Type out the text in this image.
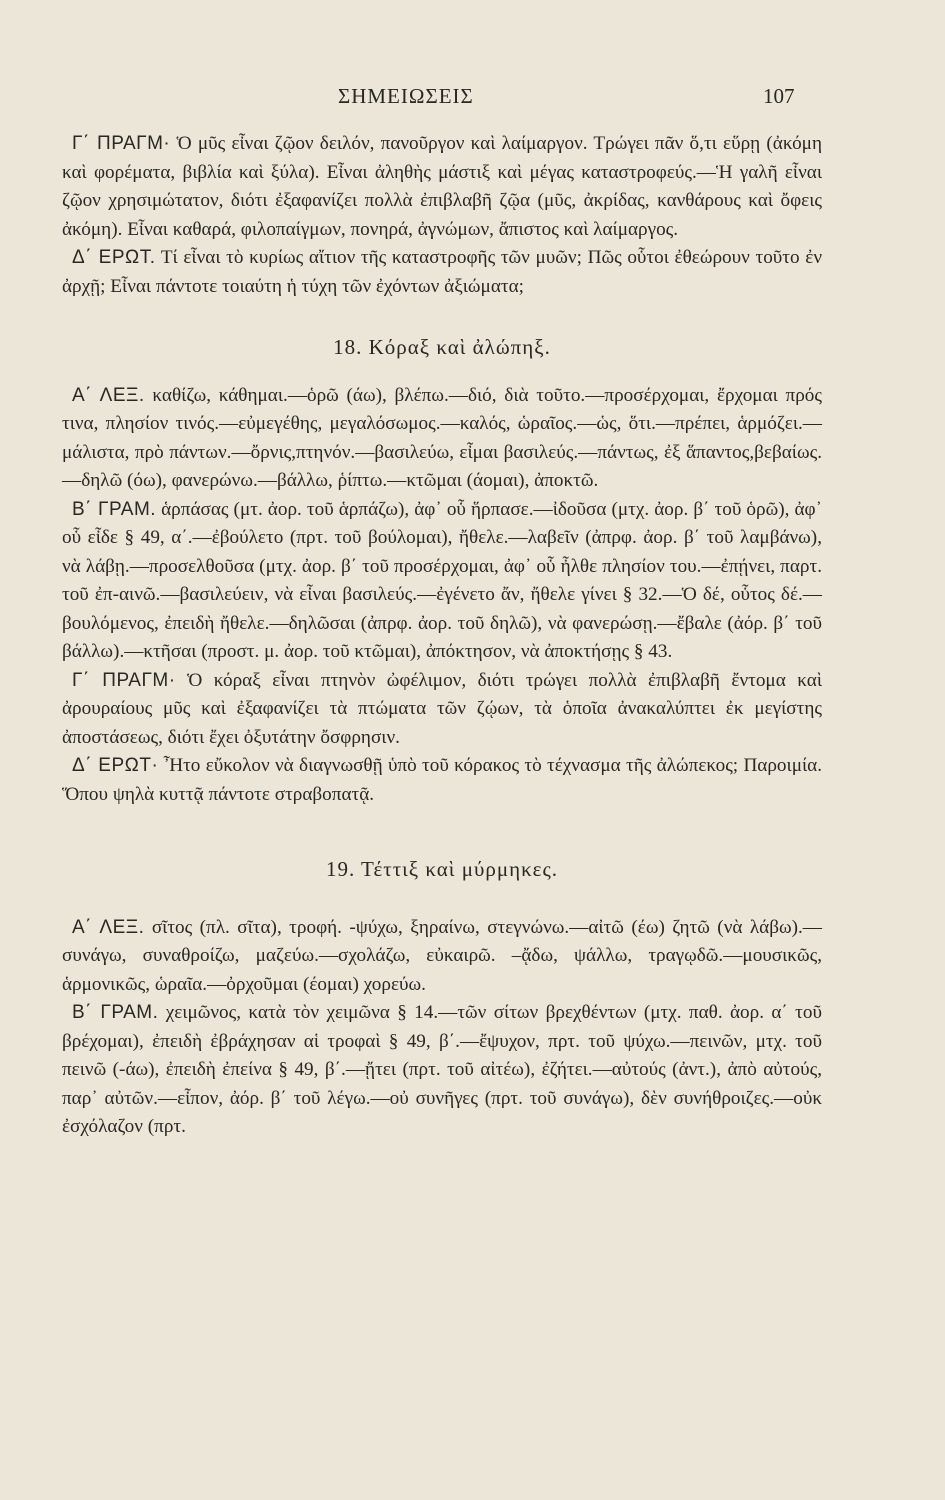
ΣΗΜΕΙΩΣΕΙΣ	107

Γ΄ ΠΡΑΓΜ· Ὁ μῦς εἶναι ζῷον δειλόν, πανοῦργον καὶ λαίμαργον. Τρώγει πᾶν ὅ,τι εὕρῃ (ἀκόμη καὶ φορέματα, βιβλία καὶ ξύλα). Εἶναι ἀληθὴς μάστιξ καὶ μέγας καταστροφεύς.—Ἡ γαλῆ εἶναι ζῷον χρησιμώτατον, διότι ἐξαφανίζει πολλὰ ἐπιβλαβῆ ζῷα (μῦς, ἀκρίδας, κανθάρους καὶ ὄφεις ἀκόμη). Εἶναι καθαρά, φιλοπαίγμων, πονηρά, ἀγνώμων, ἄπιστος καὶ λαίμαργος.

Δ΄ ΕΡΩΤ. Τί εἶναι τὸ κυρίως αἴτιον τῆς καταστροφῆς τῶν μυῶν; Πῶς οὗτοι ἐθεώρουν τοῦτο ἐν ἀρχῇ; Εἶναι πάντοτε τοιαύτη ἡ τύχη τῶν ἐχόντων ἀξιώματα;

18. Κόραξ καὶ ἀλώπηξ.

Α΄ ΛΕΞ. καθίζω, κάθημαι.—ὁρῶ (άω), βλέπω.—διό, διὰ τοῦτο.—προσέρχομαι, ἔρχομαι πρός τινα, πλησίον τινός.—εὐμεγέθης, μεγαλόσωμος.—καλός, ὡραῖος.—ὡς, ὅτι.—πρέπει, ἁρμόζει.—μάλιστα, πρὸ πάντων.—ὄρνις,πτηνόν.—βασιλεύω, εἶμαι βασιλεύς.—πάντως, ἐξ ἅπαντος,βεβαίως.—δηλῶ (όω), φανερώνω.—βάλλω, ῥίπτω.—κτῶμαι (άομαι), ἀποκτῶ.

Β΄ ΓΡΑΜ. ἁρπάσας (μτ. ἀορ. τοῦ ἁρπάζω), ἀφ᾽ οὗ ἥρπασε.—ἰδοῦσα (μτχ. ἀορ. β΄ τοῦ ὁρῶ), ἀφ᾽ οὗ εἶδε § 49, α΄.—ἐβούλετο (πρτ. τοῦ βούλομαι), ἤθελε.—λαβεῖν (ἀπρφ. ἀορ. β΄ τοῦ λαμβάνω), νὰ λάβῃ.—προσελθοῦσα (μτχ. ἀορ. β΄ τοῦ προσέρχομαι, ἀφ᾽ οὗ ἦλθε πλησίον του.—ἐπῄνει, παρτ. τοῦ ἐπ-αινῶ.—βασιλεύειν, νὰ εἶναι βασιλεύς.—ἐγένετο ἄν, ἤθελε γίνει § 32.—Ὁ δέ, οὗτος δέ.—βουλόμενος, ἐπειδὴ ἤθελε.—δηλῶσαι (ἀπρφ. ἀορ. τοῦ δηλῶ), νὰ φανερώσῃ.—ἔβαλε (ἀόρ. β΄ τοῦ βάλλω).—κτῆσαι (προστ. μ. ἀορ. τοῦ κτῶμαι), ἀπόκτησον, νὰ ἀποκτήσῃς § 43.

Γ΄ ΠΡΑΓΜ· Ὁ κόραξ εἶναι πτηνὸν ὠφέλιμον, διότι τρώγει πολλὰ ἐπιβλαβῆ ἔντομα καὶ ἀρουραίους μῦς καὶ ἐξαφανίζει τὰ πτώματα τῶν ζῴων, τὰ ὁποῖα ἀνακαλύπτει ἐκ μεγίστης ἀποστάσεως, διότι ἔχει ὀξυτάτην ὄσφρησιν.

Δ΄ ΕΡΩΤ· Ἦτο εὔκολον νὰ διαγνωσθῇ ὑπὸ τοῦ κόρακος τὸ τέχνασμα τῆς ἀλώπεκος; Παροιμία. Ὅπου ψηλὰ κυττᾷ πάντοτε στραβοπατᾷ.

19. Τέττιξ καὶ μύρμηκες.

Α΄ ΛΕΞ. σῖτος (πλ. σῖτα), τροφή. -ψύχω, ξηραίνω, στεγνώνω.—αἰτῶ (έω) ζητῶ (νὰ λάβω).—συνάγω, συναθροίζω, μαζεύω.—σχολάζω, εὐκαιρῶ. –ᾄδω, ψάλλω, τραγῳδῶ.—μουσικῶς, ἁρμονικῶς, ὡραῖα.—ὀρχοῦμαι (έομαι) χορεύω.

Β΄ ΓΡΑΜ. χειμῶνος, κατὰ τὸν χειμῶνα § 14.—τῶν σίτων βρεχθέντων (μτχ. παθ. ἀορ. α΄ τοῦ βρέχομαι), ἐπειδὴ ἐβράχησαν αἱ τροφαὶ § 49, β΄.—ἔψυχον, πρτ. τοῦ ψύχω.—πεινῶν, μτχ. τοῦ πεινῶ (-άω), ἐπειδὴ ἐπείνα § 49, β΄.—ᾔτει (πρτ. τοῦ αἰτέω), ἐζήτει.—αὐτούς (ἀντ.), ἀπὸ αὐτούς, παρ᾽ αὐτῶν.—εἶπον, ἀόρ. β΄ τοῦ λέγω.—οὐ συνῆγες (πρτ. τοῦ συνάγω), δὲν συνήθροιζες.—οὐκ ἐσχόλαζον (πρτ.
